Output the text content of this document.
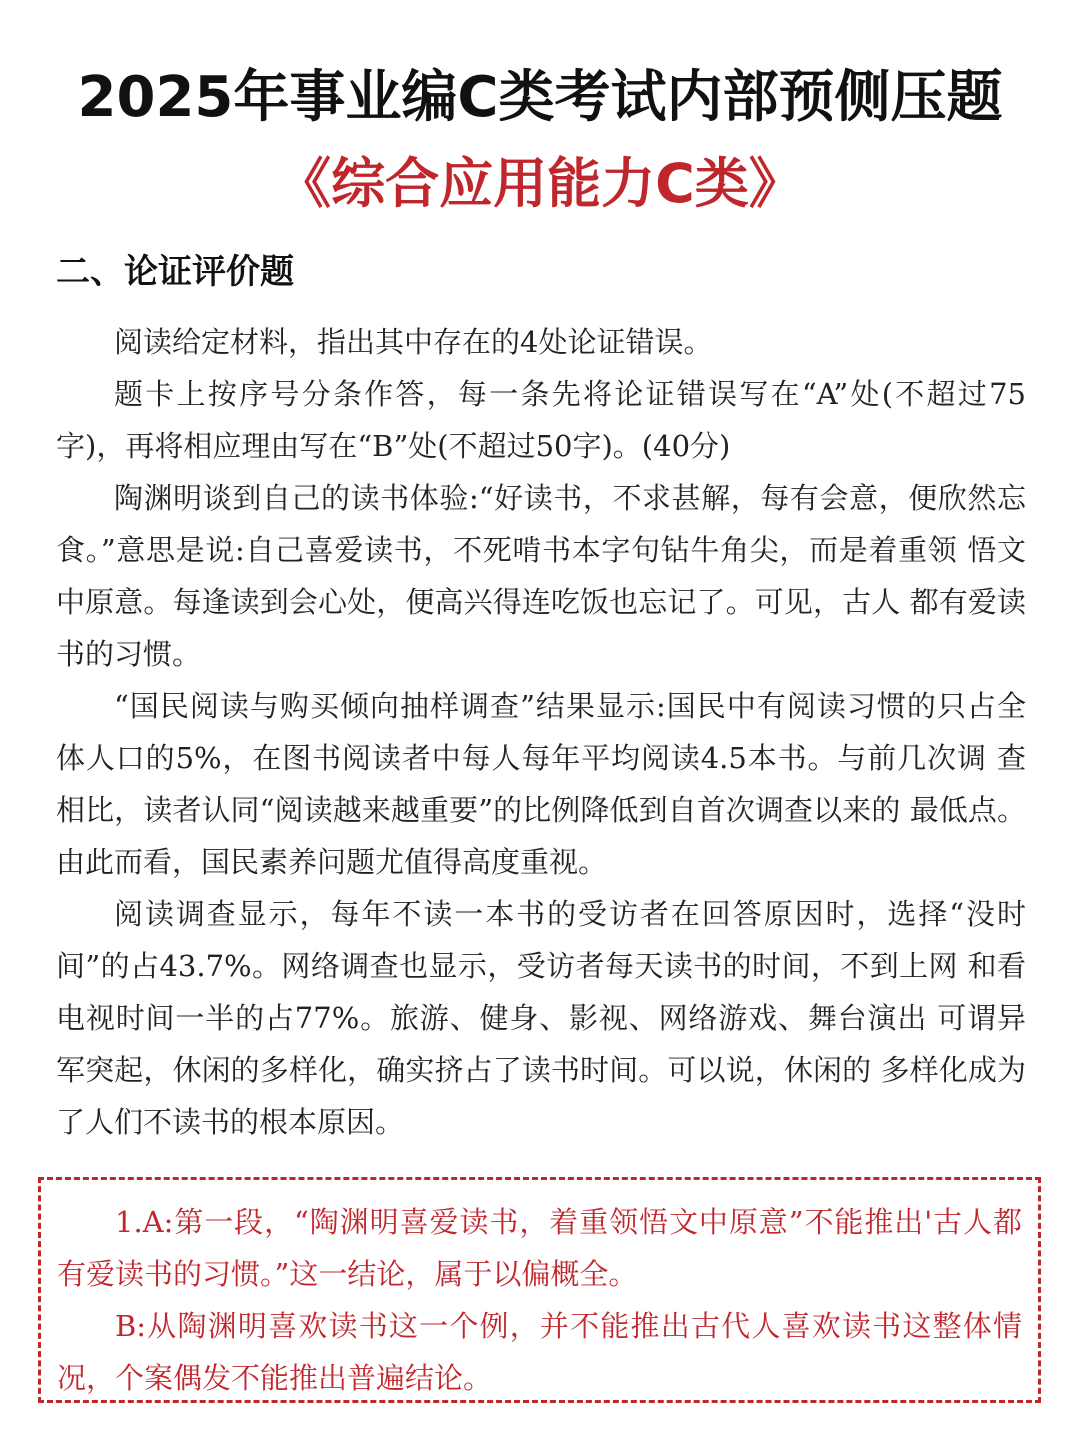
2025年事业编C类考试内部预侧压题
《综合应用能力C类》
二、论证评价题

阅读给定材料，指出其中存在的4处论证错误。

题卡上按序号分条作答，每一条先将论证错误写在“A”处(不超过75 字)，再将相应理由写在“B”处(不超过50字)。(40分)

陶渊明谈到自己的读书体验:“好读书，不求甚解，每有会意，便欣然忘 食。”意思是说:自己喜爱读书，不死啃书本字句钻牛角尖，而是着重领 悟文中原意。每逢读到会心处，便高兴得连吃饭也忘记了。可见，古人 都有爱读书的习惯。

“国民阅读与购买倾向抽样调查”结果显示:国民中有阅读习惯的只占全 体人口的5%，在图书阅读者中每人每年平均阅读4.5本书。与前几次调 查相比，读者认同“阅读越来越重要”的比例降低到自首次调查以来的 最低点。由此而看，国民素养问题尤值得高度重视。

阅读调查显示，每年不读一本书的受访者在回答原因时，选择“没时 间”的占43.7%。网络调查也显示，受访者每天读书的时间，不到上网 和看电视时间一半的占77%。旅游、健身、影视、网络游戏、舞台演出 可谓异军突起，休闲的多样化，确实挤占了读书时间。可以说，休闲的 多样化成为了人们不读书的根本原因。

1.A:第一段，“陶渊明喜爱读书，着重领悟文中原意”不能推出'古人都有爱读书的习惯。”这一结论，属于以偏概全。

B:从陶渊明喜欢读书这一个例，并不能推出古代人喜欢读书这整体情况，个案偶发不能推出普遍结论。
